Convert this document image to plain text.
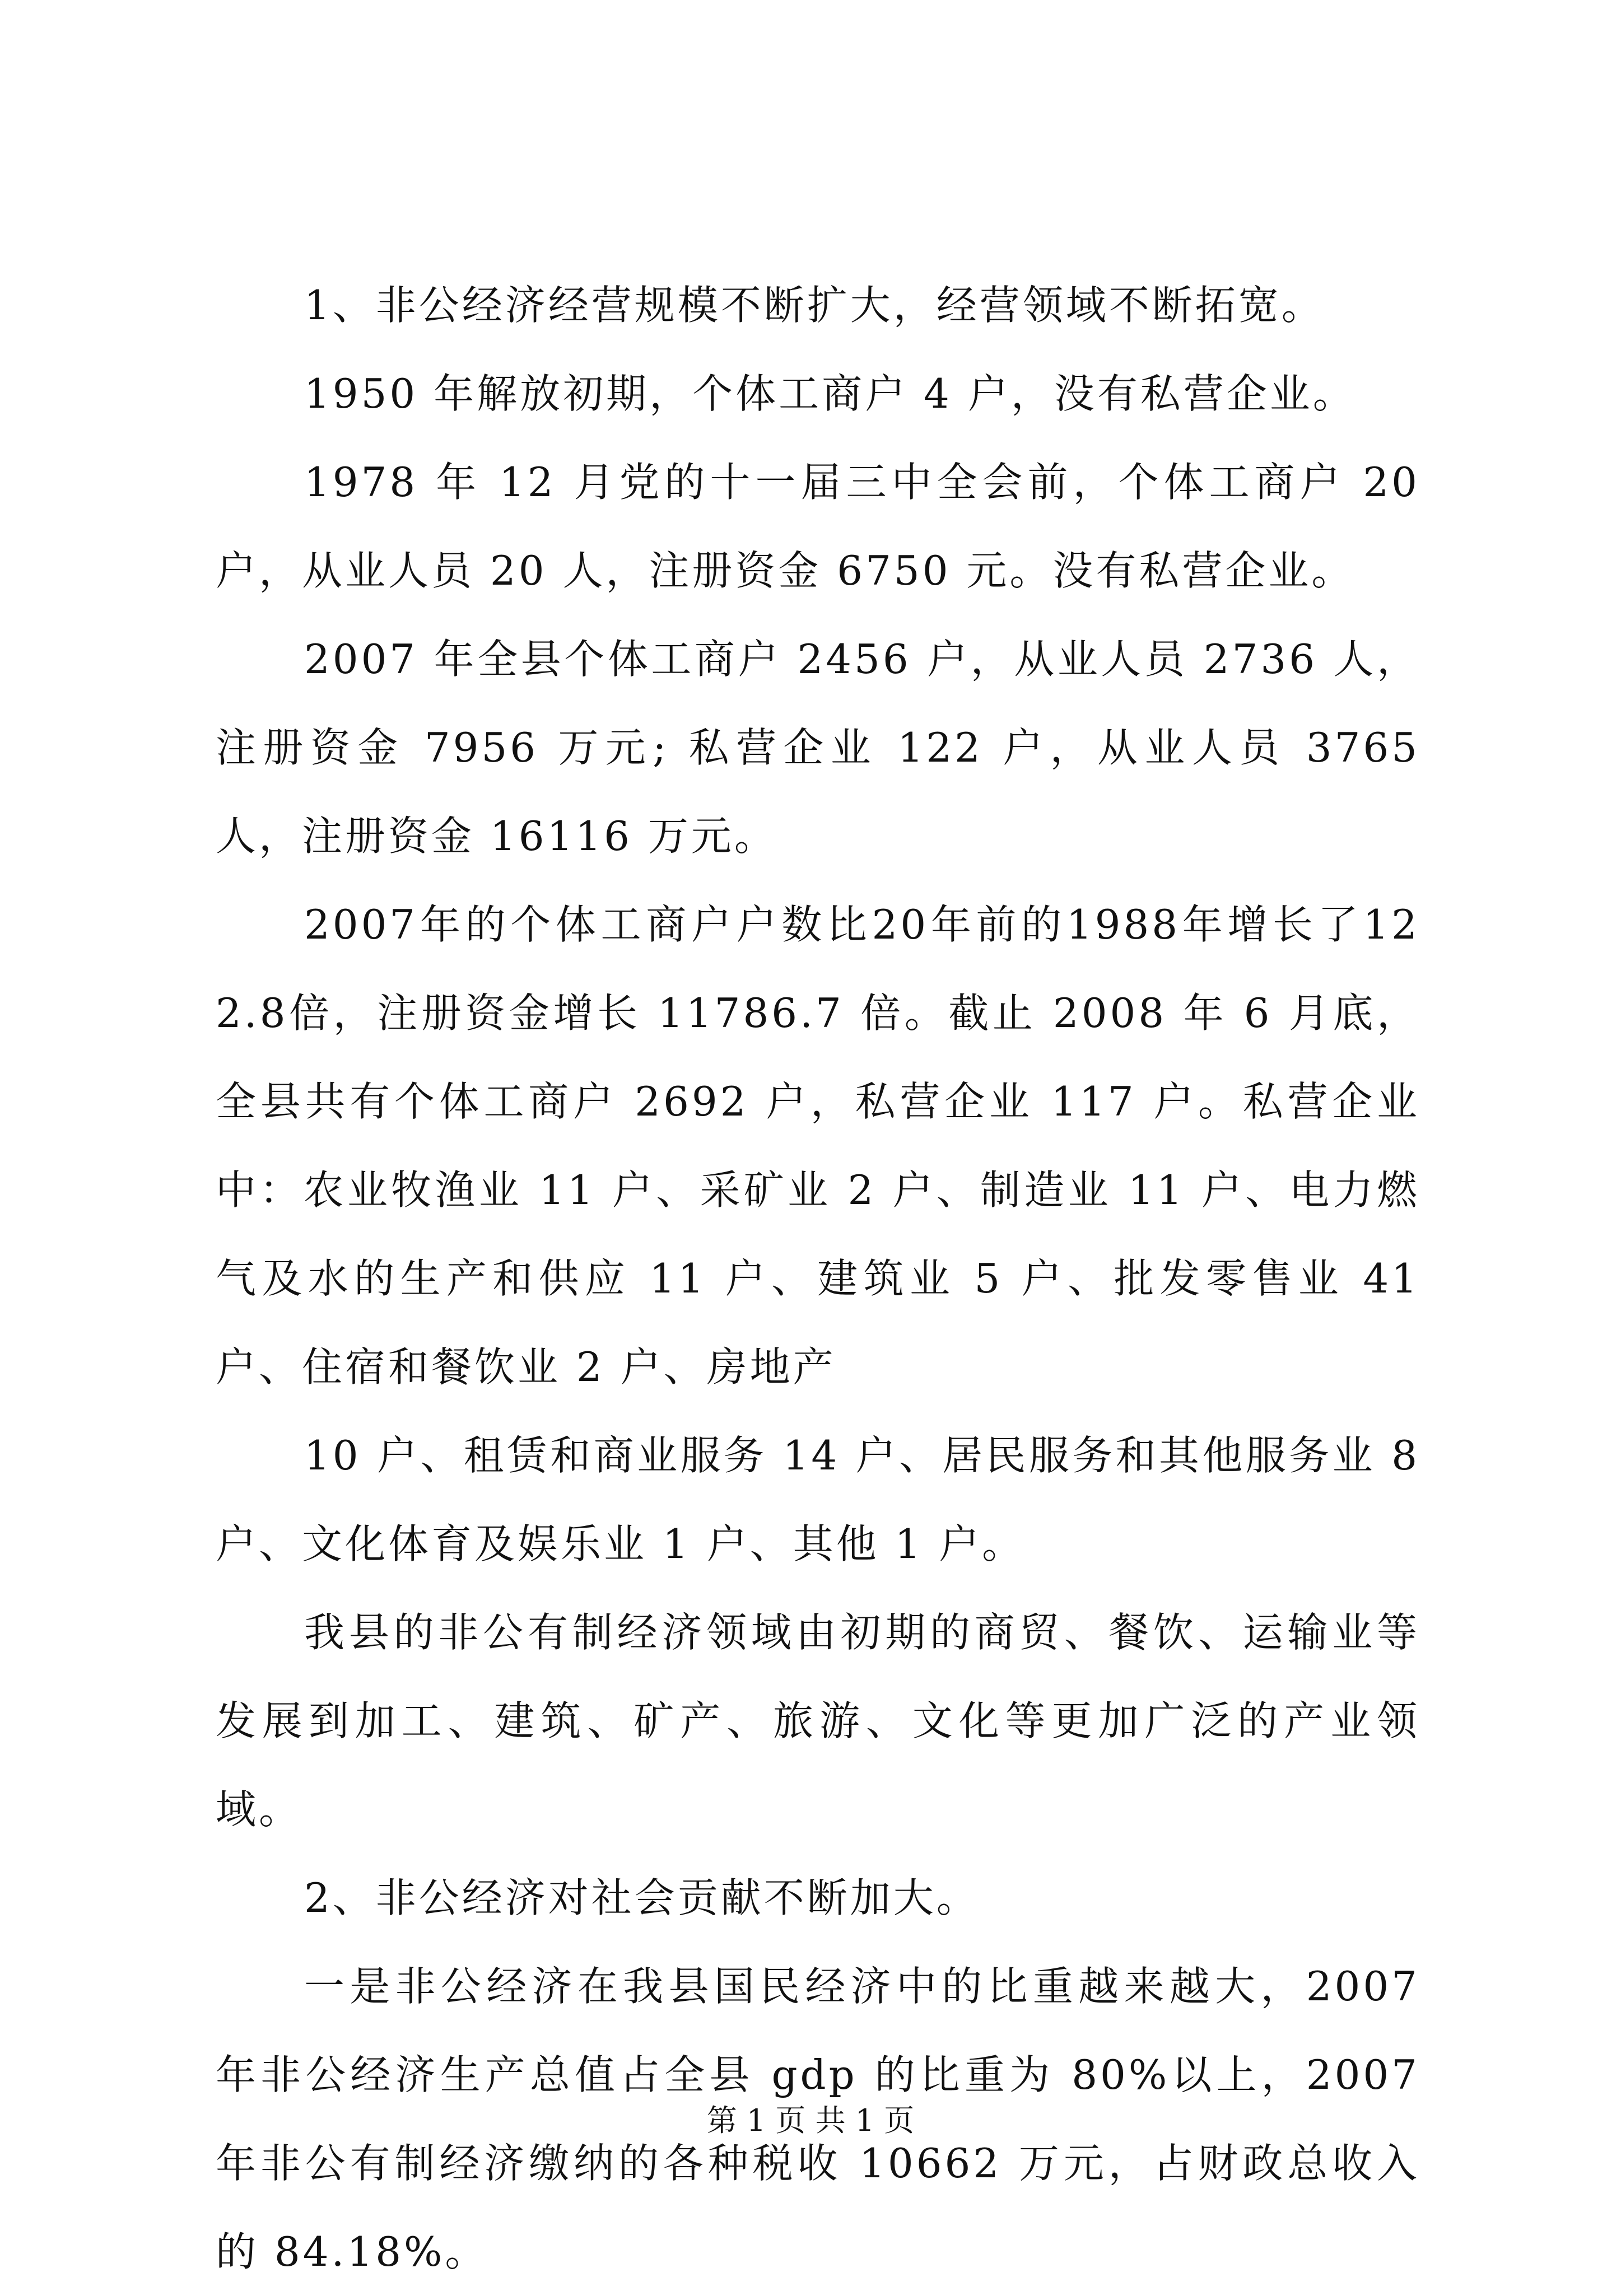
1、非公经济经营规模不断扩大，经营领域不断拓宽。

1950 年解放初期，个体工商户 4 户，没有私营企业。

1978 年 12 月党的十一届三中全会前，个体工商户 20 户，从业人员 20 人，注册资金 6750 元。没有私营企业。

2007 年全县个体工商户 2456 户，从业人员 2736 人，注册资金 7956 万元; 私营企业 122 户，从业人员 3765 人，注册资金 16116 万元。

2007年的个体工商户户数比20年前的1988年增长了122.8倍，注册资金增长 11786.7 倍。截止 2008 年 6 月底，全县共有个体工商户 2692 户，私营企业 117 户。私营企业中：农业牧渔业 11 户、采矿业 2 户、制造业 11 户、电力燃气及水的生产和供应 11 户、建筑业 5 户、批发零售业 41 户、住宿和餐饮业 2 户、房地产

10 户、租赁和商业服务 14 户、居民服务和其他服务业 8 户、文化体育及娱乐业 1 户、其他 1 户。

我县的非公有制经济领域由初期的商贸、餐饮、运输业等发展到加工、建筑、矿产、旅游、文化等更加广泛的产业领域。

2、非公经济对社会贡献不断加大。

一是非公经济在我县国民经济中的比重越来越大，2007 年非公经济生产总值占全县 gdp 的比重为 80%以上，2007 年非公有制经济缴纳的各种税收 10662 万元，占财政总收入的 84.18%。

第 1 页 共 1 页
